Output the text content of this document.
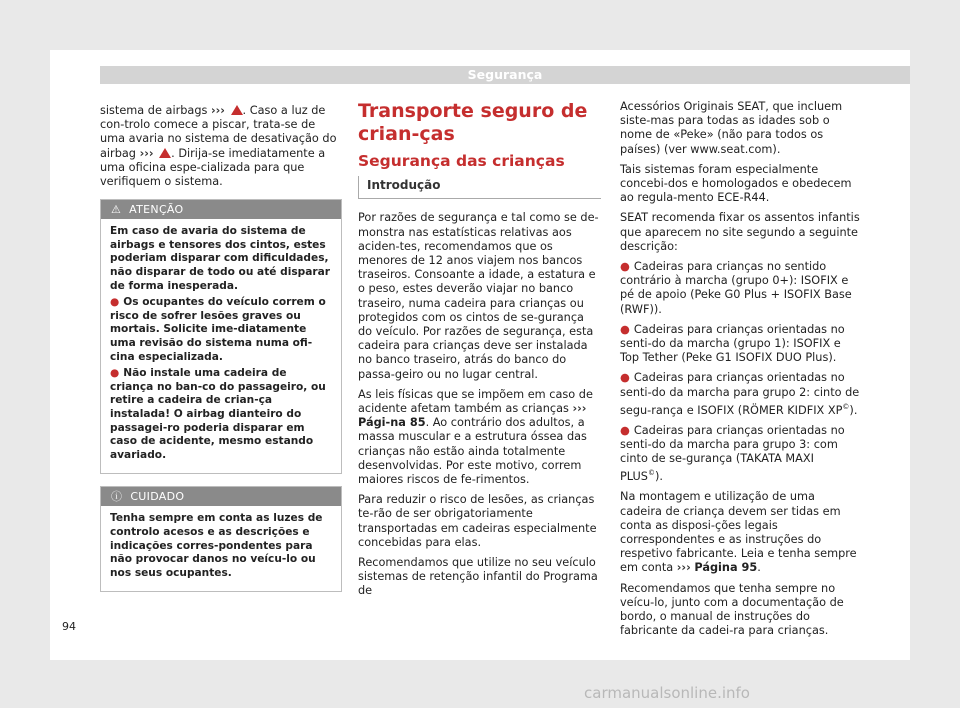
Segurança

sistema de airbags ››› . Caso a luz de con-trolo comece a piscar, trata-se de uma avaria no sistema de desativação do airbag ››› . Dirija-se imediatamente a uma oficina espe-cializada para que verifiquem o sistema.

⚠ ATENÇÃO

Em caso de avaria do sistema de airbags e tensores dos cintos, estes poderiam disparar com dificuldades, não disparar de todo ou até disparar de forma inesperada.

● Os ocupantes do veículo correm o risco de sofrer lesões graves ou mortais. Solicite ime-diatamente uma revisão do sistema numa ofi-cina especializada.

● Não instale uma cadeira de criança no ban-co do passageiro, ou retire a cadeira de crian-ça instalada! O airbag dianteiro do passagei-ro poderia disparar em caso de acidente, mesmo estando avariado.

ⓘ CUIDADO

Tenha sempre em conta as luzes de controlo acesos e as descrições e indicações corres-pondentes para não provocar danos no veícu-lo ou nos seus ocupantes.

Transporte seguro de crian-ças
Segurança das crianças
Introdução

Por razões de segurança e tal como se de-monstra nas estatísticas relativas aos aciden-tes, recomendamos que os menores de 12 anos viajem nos bancos traseiros. Consoante a idade, a estatura e o peso, estes deverão viajar no banco traseiro, numa cadeira para crianças ou protegidos com os cintos de se-gurança do veículo. Por razões de segurança, esta cadeira para crianças deve ser instalada no banco traseiro, atrás do banco do passa-geiro ou no lugar central.

As leis físicas que se impõem em caso de acidente afetam também as crianças ››› Pági-na 85. Ao contrário dos adultos, a massa muscular e a estrutura óssea das crianças não estão ainda totalmente desenvolvidas. Por este motivo, correm maiores riscos de fe-rimentos.

Para reduzir o risco de lesões, as crianças te-rão de ser obrigatoriamente transportadas em cadeiras especialmente concebidas para elas.

Recomendamos que utilize no seu veículo sistemas de retenção infantil do Programa de

Acessórios Originais SEAT, que incluem siste-mas para todas as idades sob o nome de «Peke» (não para todos os países) (ver www.seat.com).

Tais sistemas foram especialmente concebi-dos e homologados e obedecem ao regula-mento ECE-R44.

SEAT recomenda fixar os assentos infantis que aparecem no site segundo a seguinte descrição:

● Cadeiras para crianças no sentido contrário à marcha (grupo 0+): ISOFIX e pé de apoio (Peke G0 Plus + ISOFIX Base (RWF)).

● Cadeiras para crianças orientadas no senti-do da marcha (grupo 1): ISOFIX e Top Tether (Peke G1 ISOFIX DUO Plus).

● Cadeiras para crianças orientadas no senti-do da marcha para grupo 2: cinto de segu-rança e ISOFIX (RÖMER KIDFIX XP©).

● Cadeiras para crianças orientadas no senti-do da marcha para grupo 3: com cinto de se-gurança (TAKATA MAXI PLUS©).

Na montagem e utilização de uma cadeira de criança devem ser tidas em conta as disposi-ções legais correspondentes e as instruções do respetivo fabricante. Leia e tenha sempre em conta ››› Página 95.

Recomendamos que tenha sempre no veícu-lo, junto com a documentação de bordo, o manual de instruções do fabricante da cadei-ra para crianças.

94
carmanualsonline.info
